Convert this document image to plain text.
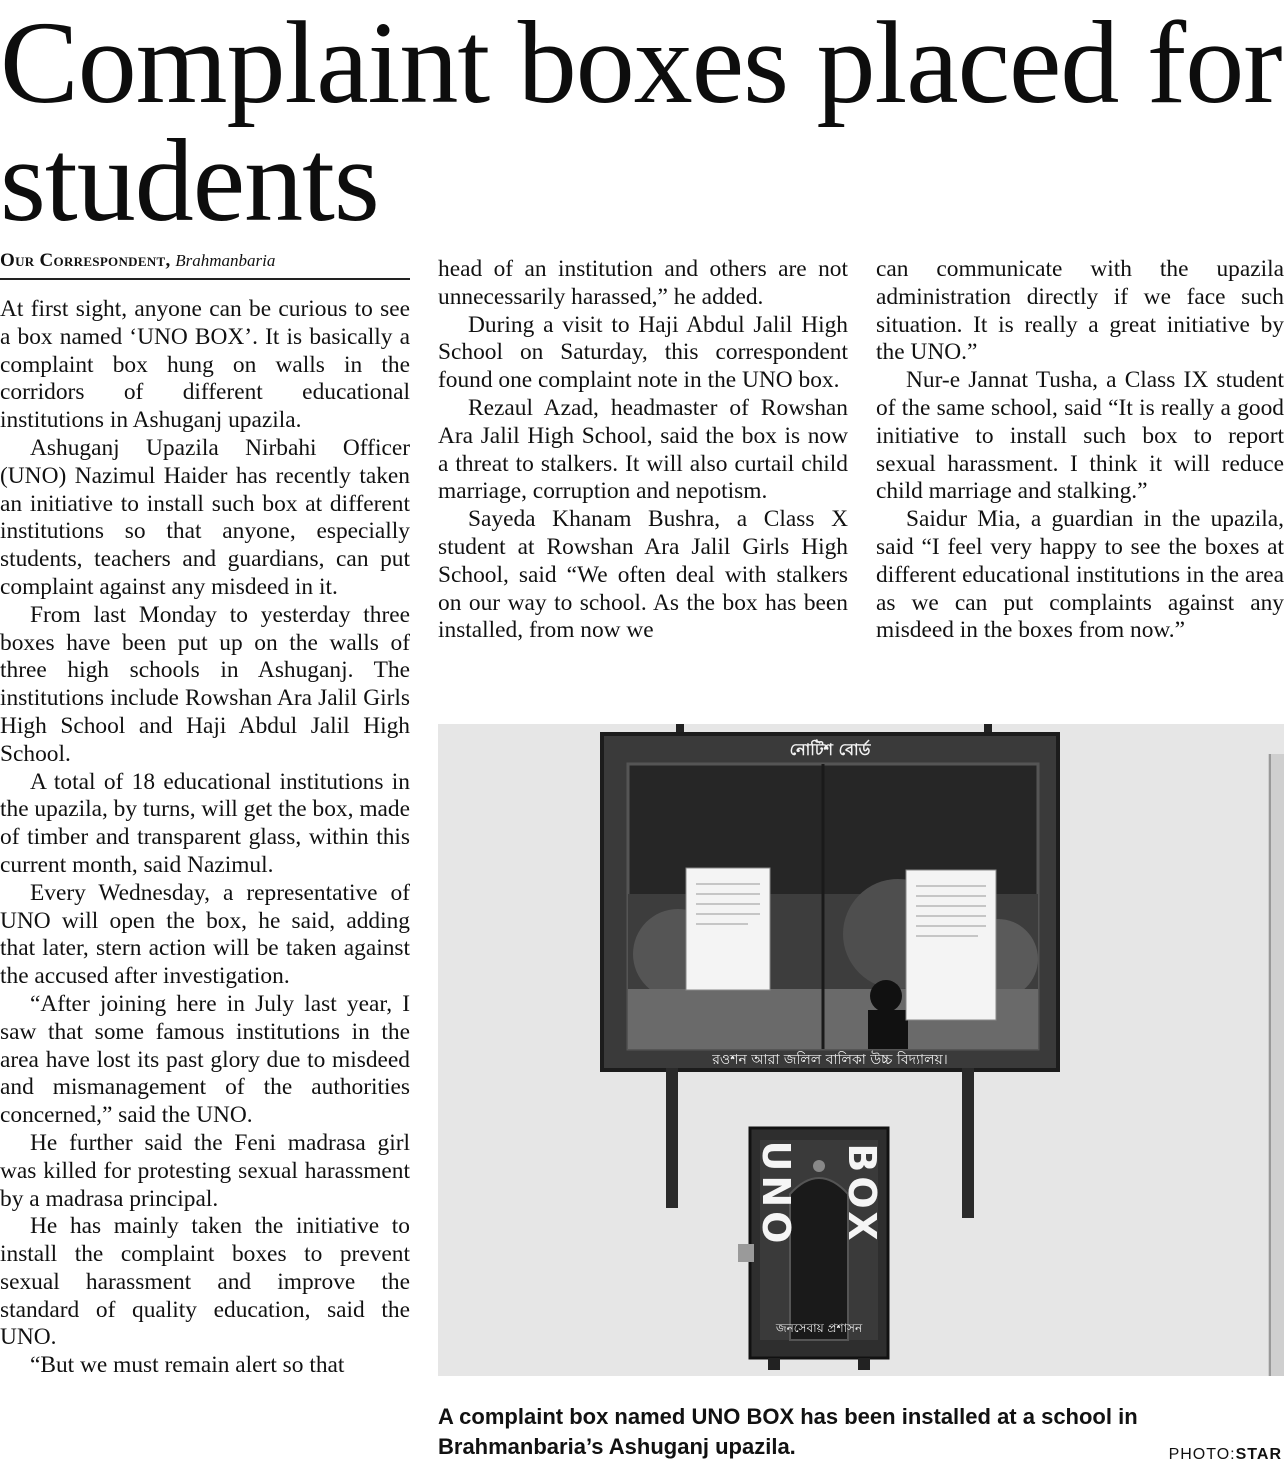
Complaint boxes placed for students
Our Correspondent, Brahmanbaria

At first sight, anyone can be curious to see a box named ‘UNO BOX’. It is basically a complaint box hung on walls in the corridors of different educational institutions in Ashuganj upazila.

Ashuganj Upazila Nirbahi Officer (UNO) Nazimul Haider has recently taken an initiative to install such box at different institutions so that anyone, especially students, teachers and guardians, can put complaint against any misdeed in it.

From last Monday to yesterday three boxes have been put up on the walls of three high schools in Ashuganj. The institutions include Rowshan Ara Jalil Girls High School and Haji Abdul Jalil High School.

A total of 18 educational institutions in the upazila, by turns, will get the box, made of timber and transparent glass, within this current month, said Nazimul.

Every Wednesday, a representative of UNO will open the box, he said, adding that later, stern action will be taken against the accused after investigation.

“After joining here in July last year, I saw that some famous institutions in the area have lost its past glory due to misdeed and mismanagement of the authorities concerned,” said the UNO.

He further said the Feni madrasa girl was killed for protesting sexual harassment by a madrasa principal.

He has mainly taken the initiative to install the complaint boxes to prevent sexual harassment and improve the standard of quality education, said the UNO.

“But we must remain alert so that

head of an institution and others are not unnecessarily harassed,” he added.

During a visit to Haji Abdul Jalil High School on Saturday, this correspondent found one complaint note in the UNO box.

Rezaul Azad, headmaster of Rowshan Ara Jalil High School, said the box is now a threat to stalkers. It will also curtail child marriage, corruption and nepotism.

Sayeda Khanam Bushra, a Class X student at Rowshan Ara Jalil Girls High School, said “We often deal with stalkers on our way to school. As the box has been installed, from now we

can communicate with the upazila administration directly if we face such situation. It is really a great initiative by the UNO.”

Nur-e Jannat Tusha, a Class IX student of the same school, said “It is really a good initiative to install such box to report sexual harassment. I think it will reduce child marriage and stalking.”

Saidur Mia, a guardian in the upazila, said “I feel very happy to see the boxes at different educational institutions in the area as we can put complaints against any misdeed in the boxes from now.”

নোটিশ বোর্ড
রওশন আরা জলিল বালিকা উচ্চ বিদ্যালয়।
UNO BOX
জনসেবায় প্রশাসন
A complaint box named UNO BOX has been installed at a school in Brahmanbaria’s Ashuganj upazila.	PHOTO:STAR
